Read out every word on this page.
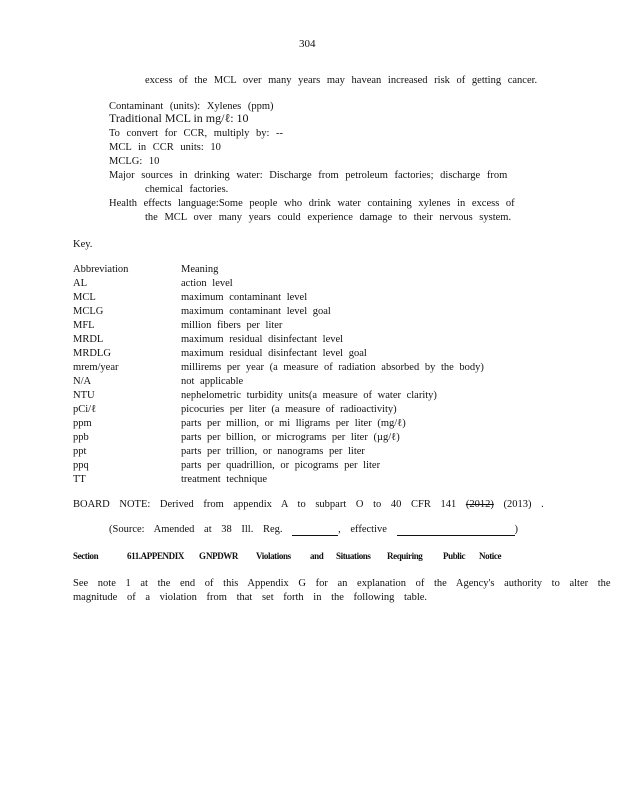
304
excess of the MCL over many years may havean increased risk of getting cancer.
Contaminant (units): Xylenes (ppm)
Traditional MCL in mg/ℓ: 10
To convert for CCR, multiply by: --
MCL in CCR units: 10
MCLG: 10
Major sources in drinking water: Discharge from petroleum factories; discharge from
chemical factories.
Health effects language:Some people who drink water containing xylenes in excess of
the MCL over many years could experience damage to their nervous system.
Key.
Abbreviation	Meaning
AL	action level
MCL	maximum contaminant level
MCLG	maximum contaminant level goal
MFL	million fibers per liter
MRDL	maximum residual disinfectant level
MRDLG	maximum residual disinfectant level goal
mrem/year	millirems per year (a measure of radiation absorbed by the body)
N/A	not applicable
NTU	nephelometric turbidity units(a measure of water clarity)
pCi/ℓ	picocuries per liter (a measure of radioactivity)
ppm	parts per million, or mi lligrams per liter (mg/ℓ)
ppb	parts per billion, or micrograms per liter (µg/ℓ)
ppt	parts per trillion, or nanograms per liter
ppq	parts per quadrillion, or picograms per liter
TT	treatment technique
BOARD NOTE: Derived from appendix A to subpart O to 40 CFR 141 (2012) (2013) .
(Source: Amended at 38 Ill. Reg.	, effective	)
Section	611.APPENDIX G NPDWR Violations and Situations Requiring Public Notice
See note 1 at the end of this Appendix G for an explanation of the Agency's authority to alter the
magnitude of a violation from that set forth in the following table.
